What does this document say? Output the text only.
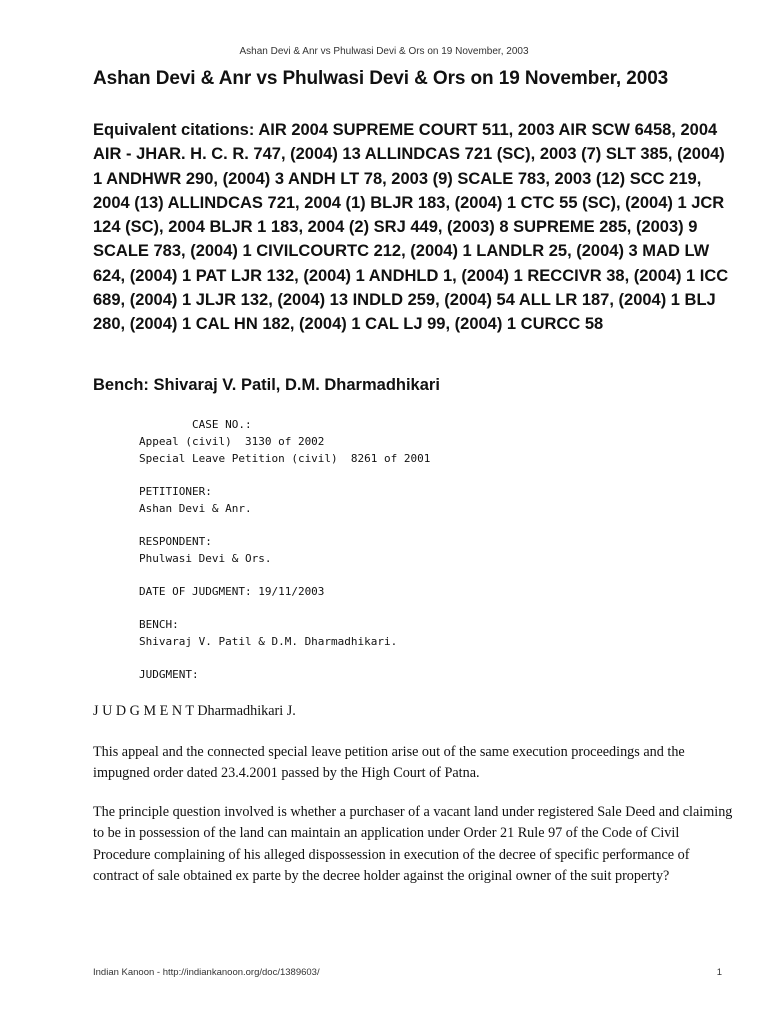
Ashan Devi & Anr vs Phulwasi Devi & Ors on 19 November, 2003
Ashan Devi & Anr vs Phulwasi Devi & Ors on 19 November, 2003

Equivalent citations: AIR 2004 SUPREME COURT 511, 2003 AIR SCW 6458, 2004 AIR - JHAR. H. C. R. 747, (2004) 13 ALLINDCAS 721 (SC), 2003 (7) SLT 385, (2004) 1 ANDHWR 290, (2004) 3 ANDH LT 78, 2003 (9) SCALE 783, 2003 (12) SCC 219, 2004 (13) ALLINDCAS 721, 2004 (1) BLJR 183, (2004) 1 CTC 55 (SC), (2004) 1 JCR 124 (SC), 2004 BLJR 1 183, 2004 (2) SRJ 449, (2003) 8 SUPREME 285, (2003) 9 SCALE 783, (2004) 1 CIVILCOURTC 212, (2004) 1 LANDLR 25, (2004) 3 MAD LW 624, (2004) 1 PAT LJR 132, (2004) 1 ANDHLD 1, (2004) 1 RECCIVR 38, (2004) 1 ICC 689, (2004) 1 JLJR 132, (2004) 13 INDLD 259, (2004) 54 ALL LR 187, (2004) 1 BLJ 280, (2004) 1 CAL HN 182, (2004) 1 CAL LJ 99, (2004) 1 CURCC 58

Bench: Shivaraj V. Patil, D.M. Dharmadhikari

CASE NO.:
Appeal (civil)  3130 of 2002
Special Leave Petition (civil)  8261 of 2001
PETITIONER:
Ashan Devi & Anr.
RESPONDENT:
Phulwasi Devi & Ors.
DATE OF JUDGMENT: 19/11/2003
BENCH:
Shivaraj V. Patil & D.M. Dharmadhikari.
JUDGMENT:

J U D G M E N T Dharmadhikari J.

This appeal and the connected special leave petition arise out of the same execution proceedings and the impugned order dated 23.4.2001 passed by the High Court of Patna.

The principle question involved is whether a purchaser of a vacant land under registered Sale Deed and claiming to be in possession of the land can maintain an application under Order 21 Rule 97 of the Code of Civil Procedure complaining of his alleged dispossession in execution of the decree of specific performance of contract of sale obtained ex parte by the decree holder against the original owner of the suit property?

Indian Kanoon - http://indiankanoon.org/doc/1389603/	1
